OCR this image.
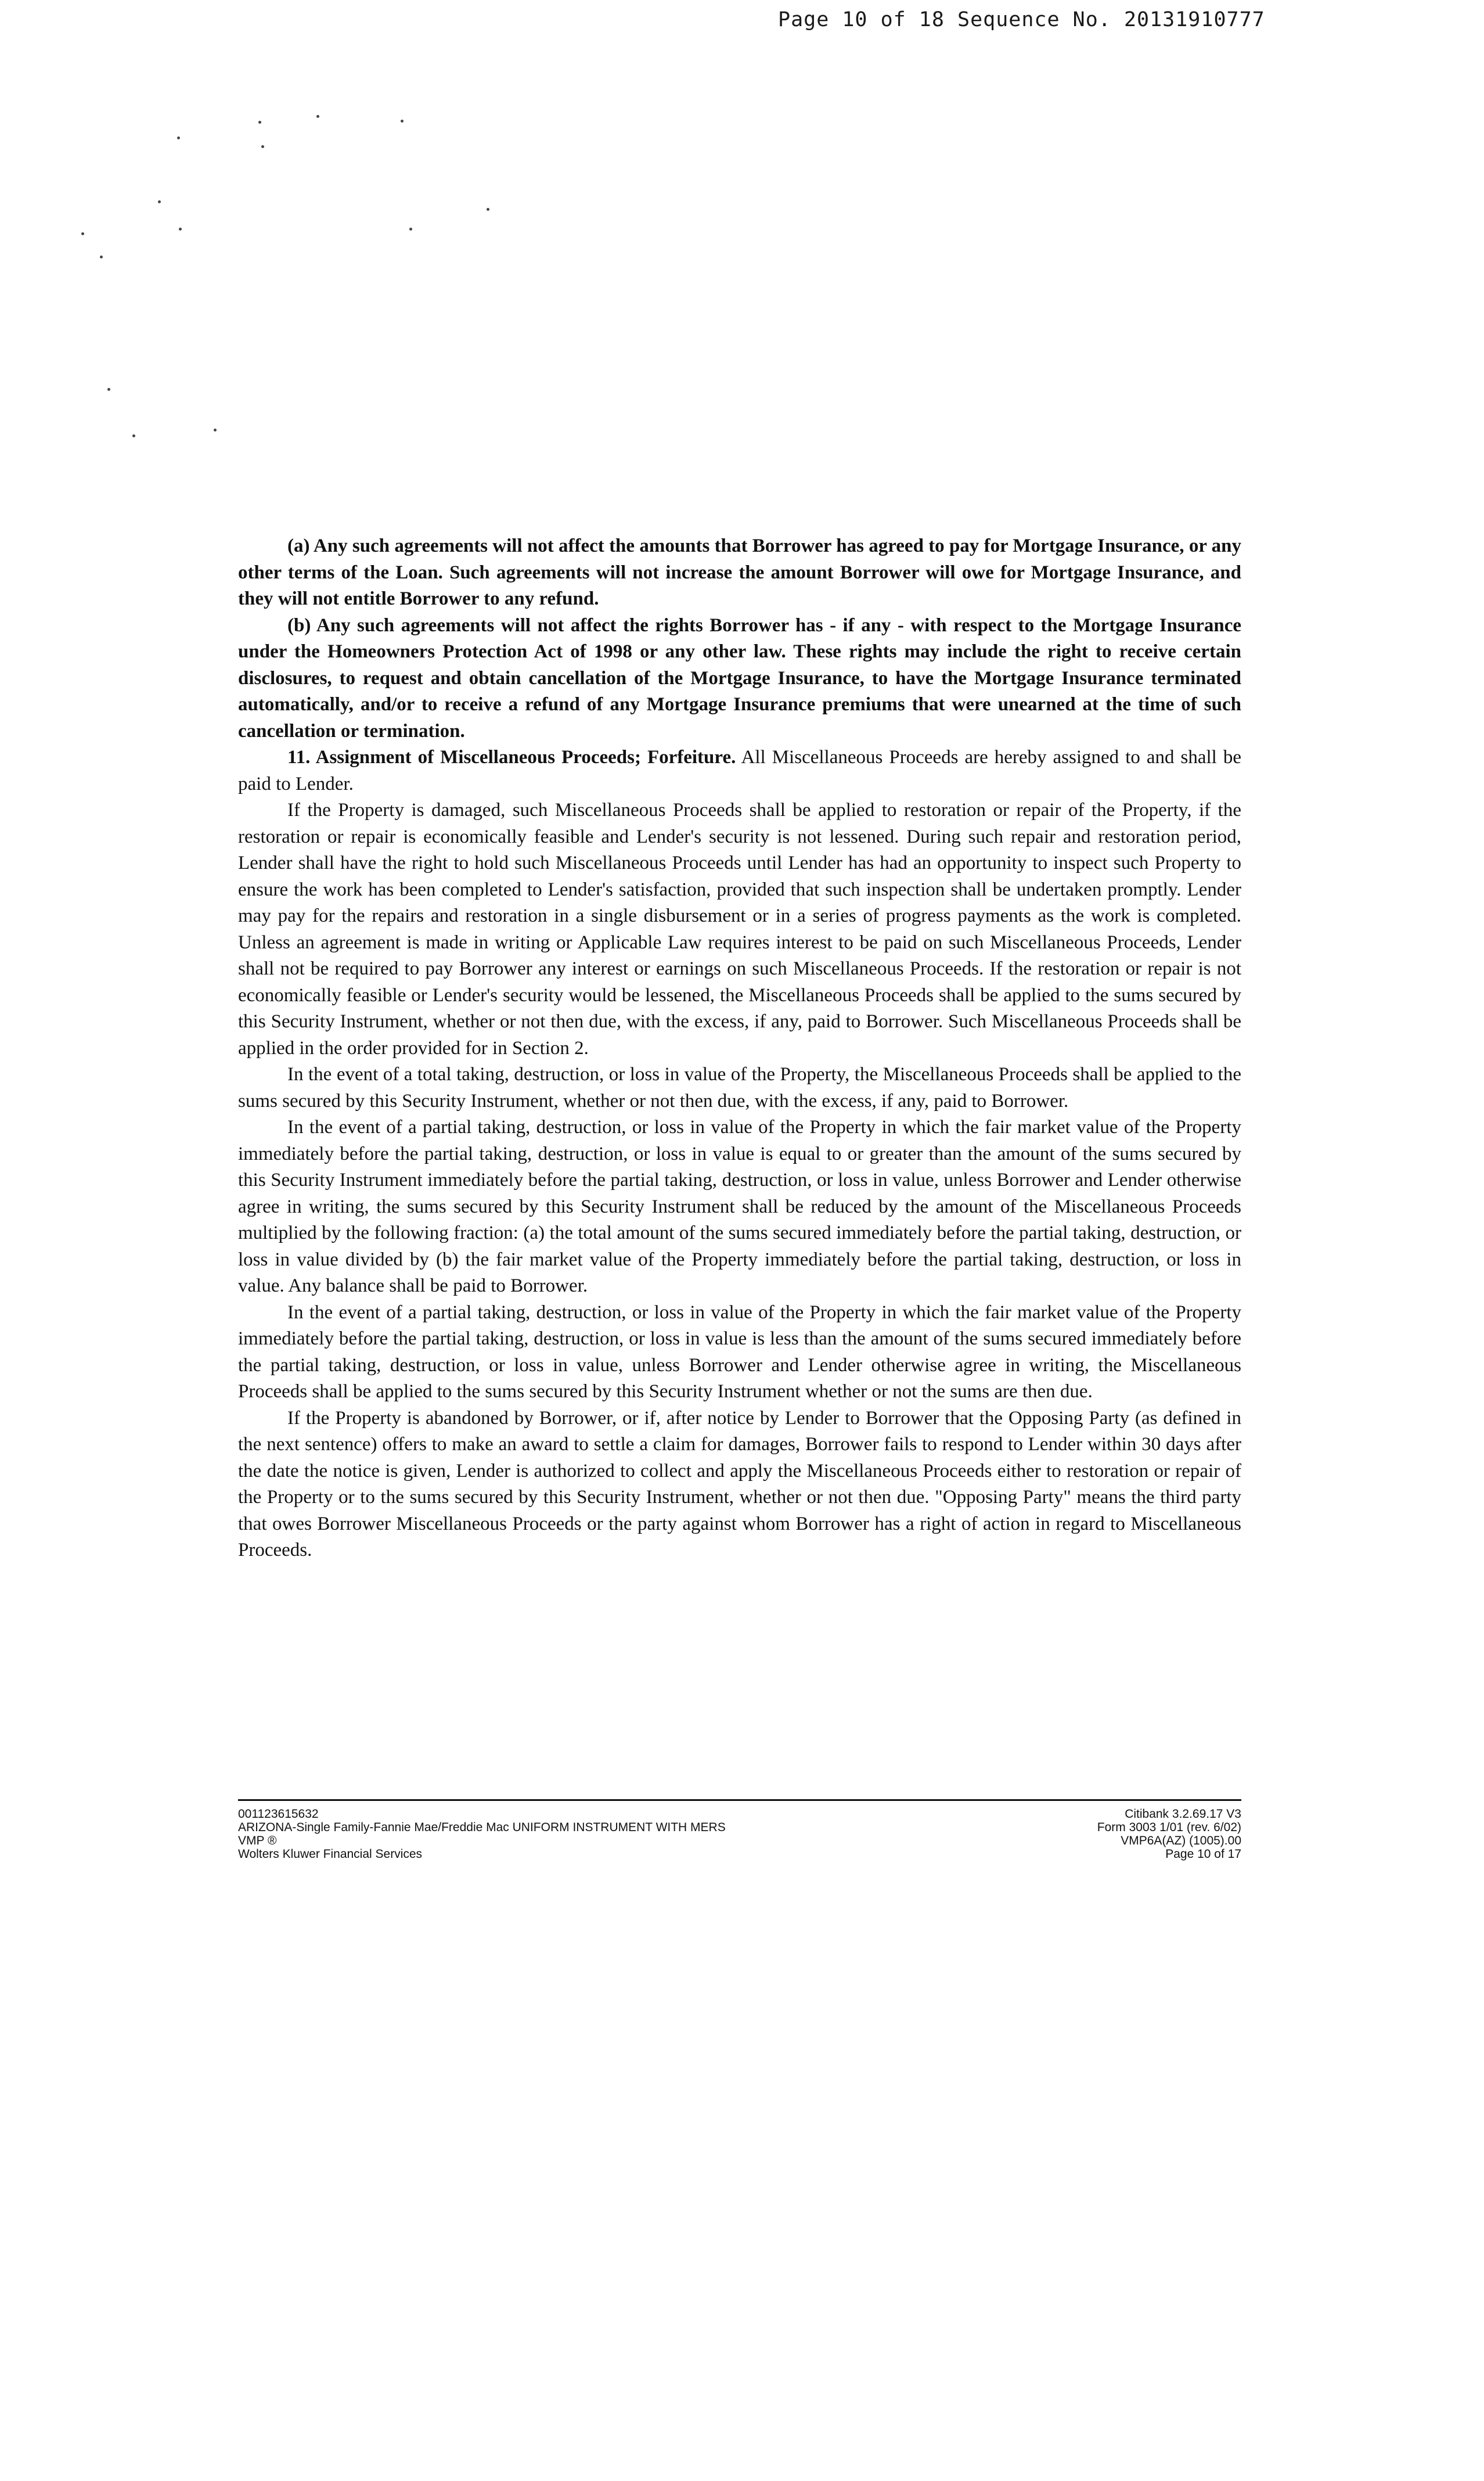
Page 10 of 18 Sequence No. 20131910777

(a) Any such agreements will not affect the amounts that Borrower has agreed to pay for Mortgage Insurance, or any other terms of the Loan. Such agreements will not increase the amount Borrower will owe for Mortgage Insurance, and they will not entitle Borrower to any refund.

(b) Any such agreements will not affect the rights Borrower has - if any - with respect to the Mortgage Insurance under the Homeowners Protection Act of 1998 or any other law. These rights may include the right to receive certain disclosures, to request and obtain cancellation of the Mortgage Insurance, to have the Mortgage Insurance terminated automatically, and/or to receive a refund of any Mortgage Insurance premiums that were unearned at the time of such cancellation or termination.

11. Assignment of Miscellaneous Proceeds; Forfeiture. All Miscellaneous Proceeds are hereby assigned to and shall be paid to Lender.

If the Property is damaged, such Miscellaneous Proceeds shall be applied to restoration or repair of the Property, if the restoration or repair is economically feasible and Lender's security is not lessened. During such repair and restoration period, Lender shall have the right to hold such Miscellaneous Proceeds until Lender has had an opportunity to inspect such Property to ensure the work has been completed to Lender's satisfaction, provided that such inspection shall be undertaken promptly. Lender may pay for the repairs and restoration in a single disbursement or in a series of progress payments as the work is completed. Unless an agreement is made in writing or Applicable Law requires interest to be paid on such Miscellaneous Proceeds, Lender shall not be required to pay Borrower any interest or earnings on such Miscellaneous Proceeds. If the restoration or repair is not economically feasible or Lender's security would be lessened, the Miscellaneous Proceeds shall be applied to the sums secured by this Security Instrument, whether or not then due, with the excess, if any, paid to Borrower. Such Miscellaneous Proceeds shall be applied in the order provided for in Section 2.

In the event of a total taking, destruction, or loss in value of the Property, the Miscellaneous Proceeds shall be applied to the sums secured by this Security Instrument, whether or not then due, with the excess, if any, paid to Borrower.

In the event of a partial taking, destruction, or loss in value of the Property in which the fair market value of the Property immediately before the partial taking, destruction, or loss in value is equal to or greater than the amount of the sums secured by this Security Instrument immediately before the partial taking, destruction, or loss in value, unless Borrower and Lender otherwise agree in writing, the sums secured by this Security Instrument shall be reduced by the amount of the Miscellaneous Proceeds multiplied by the following fraction: (a) the total amount of the sums secured immediately before the partial taking, destruction, or loss in value divided by (b) the fair market value of the Property immediately before the partial taking, destruction, or loss in value. Any balance shall be paid to Borrower.

In the event of a partial taking, destruction, or loss in value of the Property in which the fair market value of the Property immediately before the partial taking, destruction, or loss in value is less than the amount of the sums secured immediately before the partial taking, destruction, or loss in value, unless Borrower and Lender otherwise agree in writing, the Miscellaneous Proceeds shall be applied to the sums secured by this Security Instrument whether or not the sums are then due.

If the Property is abandoned by Borrower, or if, after notice by Lender to Borrower that the Opposing Party (as defined in the next sentence) offers to make an award to settle a claim for damages, Borrower fails to respond to Lender within 30 days after the date the notice is given, Lender is authorized to collect and apply the Miscellaneous Proceeds either to restoration or repair of the Property or to the sums secured by this Security Instrument, whether or not then due. "Opposing Party" means the third party that owes Borrower Miscellaneous Proceeds or the party against whom Borrower has a right of action in regard to Miscellaneous Proceeds.

001123615632
ARIZONA-Single Family-Fannie Mae/Freddie Mac UNIFORM INSTRUMENT WITH MERS
VMP ®
Wolters Kluwer Financial Services
Citibank 3.2.69.17 V3
Form 3003 1/01 (rev. 6/02)
VMP6A(AZ) (1005).00
Page 10 of 17
